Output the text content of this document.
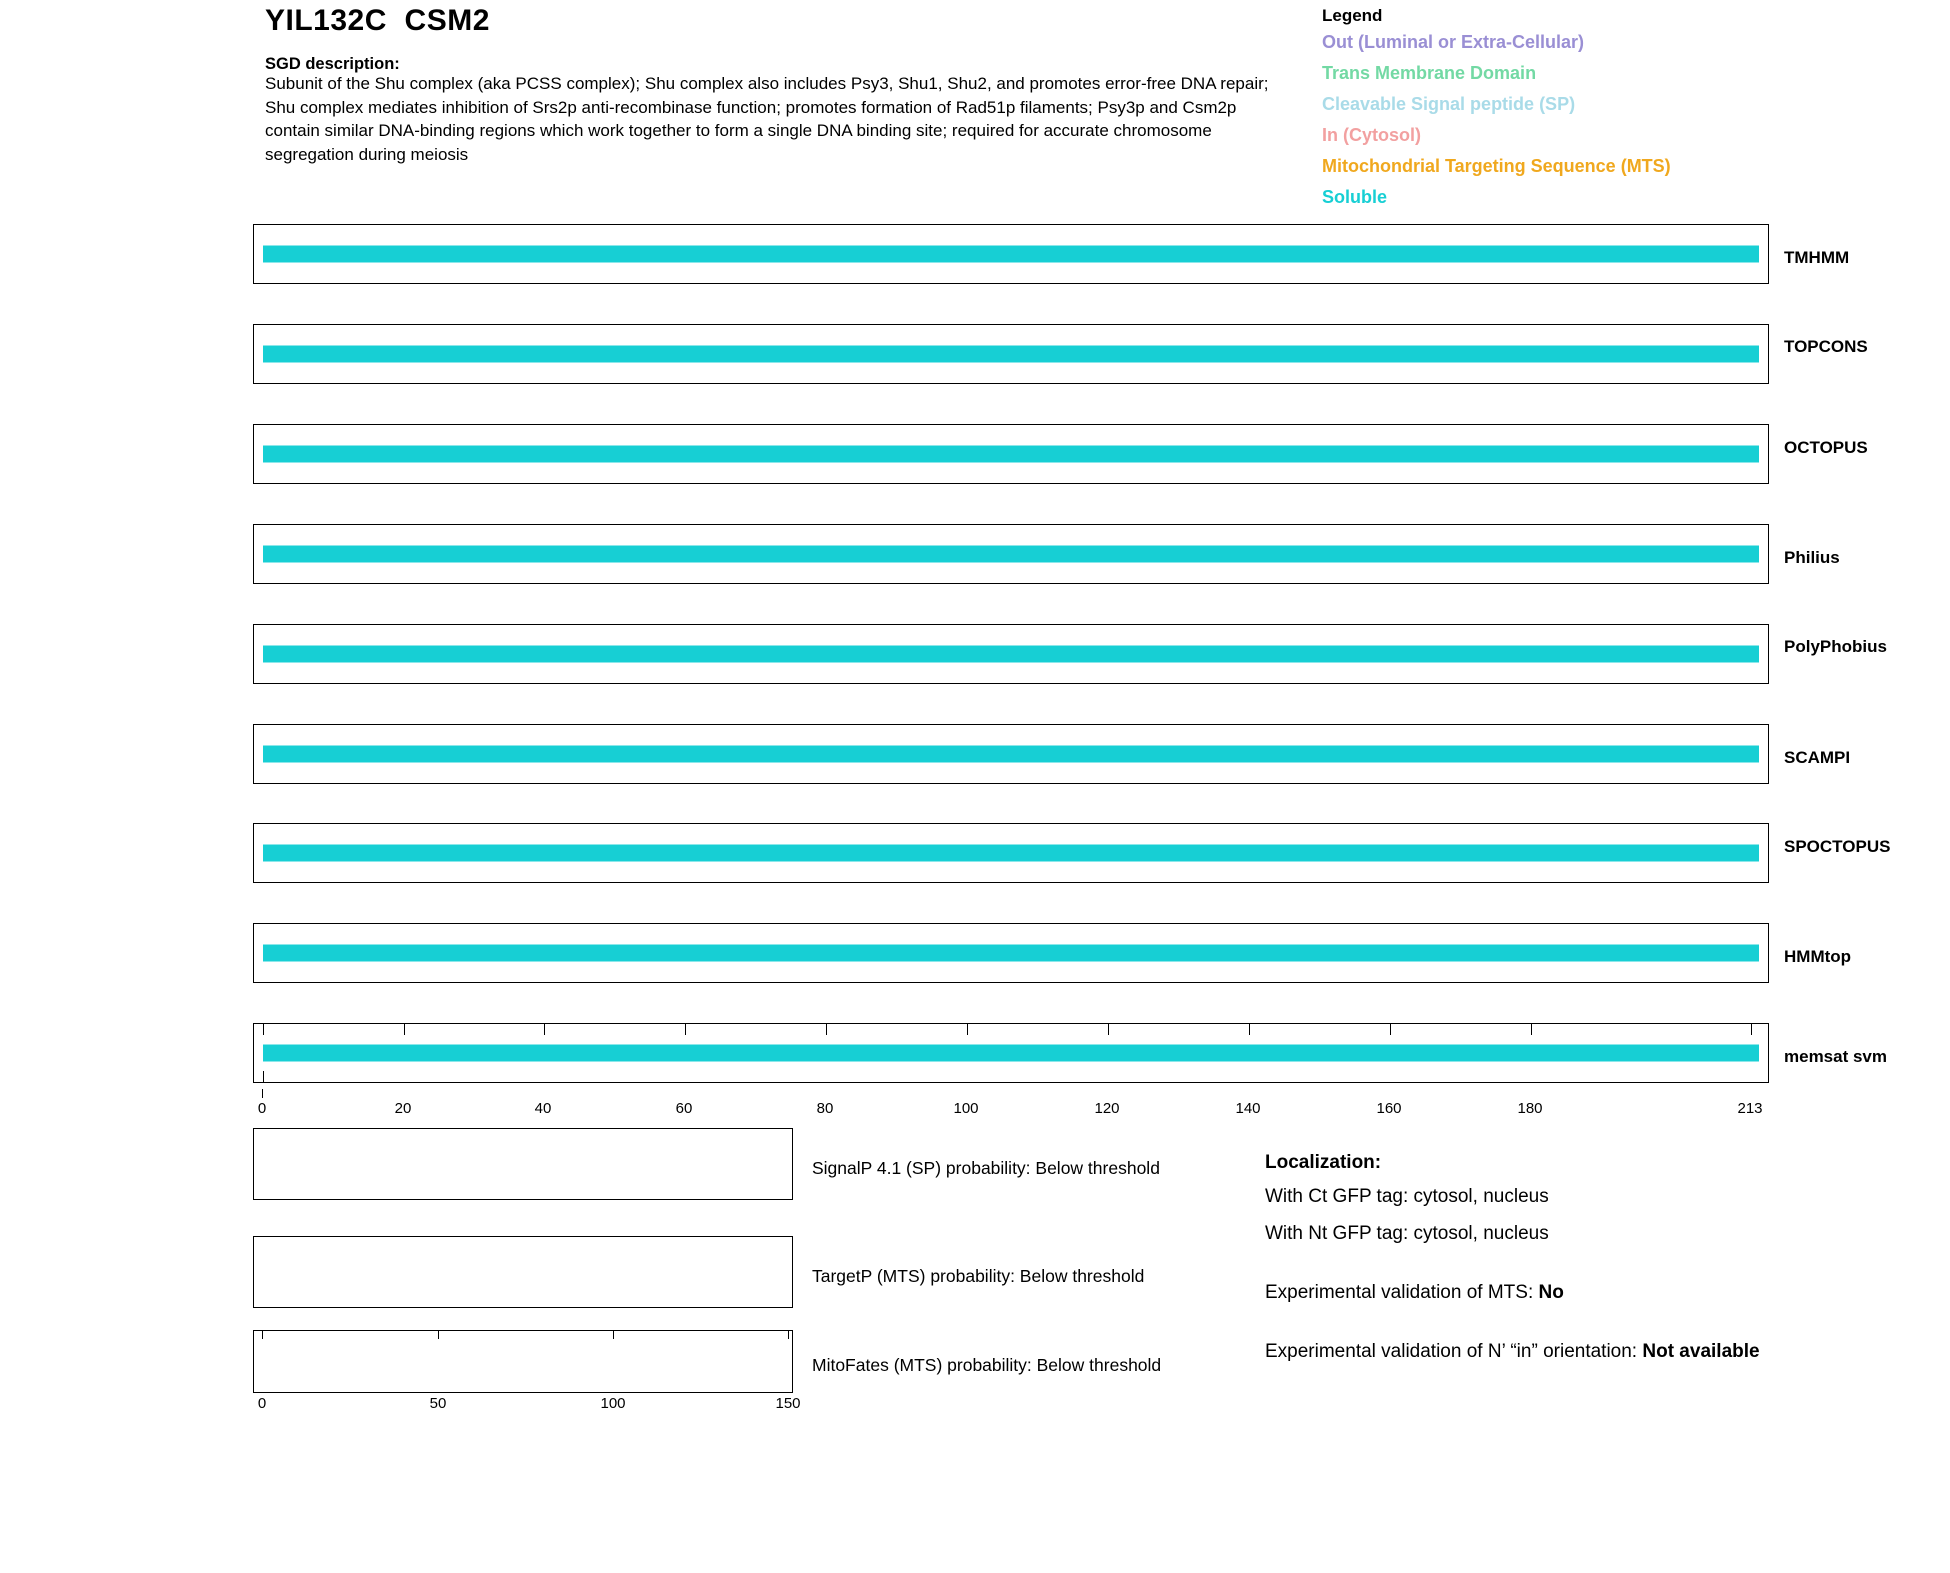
YIL132C  CSM2
SGD description:
Subunit of the Shu complex (aka PCSS complex); Shu complex also includes Psy3, Shu1, Shu2, and promotes error-free DNA repair; Shu complex mediates inhibition of Srs2p anti-recombinase function; promotes formation of Rad51p filaments; Psy3p and Csm2p contain similar DNA-binding regions which work together to form a single DNA binding site; required for accurate chromosome segregation during meiosis
Legend
Out (Luminal or Extra-Cellular)
Trans Membrane Domain
Cleavable Signal peptide (SP)
In (Cytosol)
Mitochondrial Targeting Sequence (MTS)
Soluble
TMHMM
TOPCONS
OCTOPUS
Philius
PolyPhobius
SCAMPI
SPOCTOPUS
HMMtop
memsat svm
0	20	40	60	80	100	120	140	160	180	213
SignalP 4.1 (SP) probability: Below threshold
TargetP (MTS) probability: Below threshold
MitoFates (MTS) probability: Below threshold
0	50	100	150
Localization:
With Ct GFP tag: cytosol, nucleus
With Nt GFP tag: cytosol, nucleus
Experimental validation of MTS: No
Experimental validation of N’ “in” orientation: Not available
